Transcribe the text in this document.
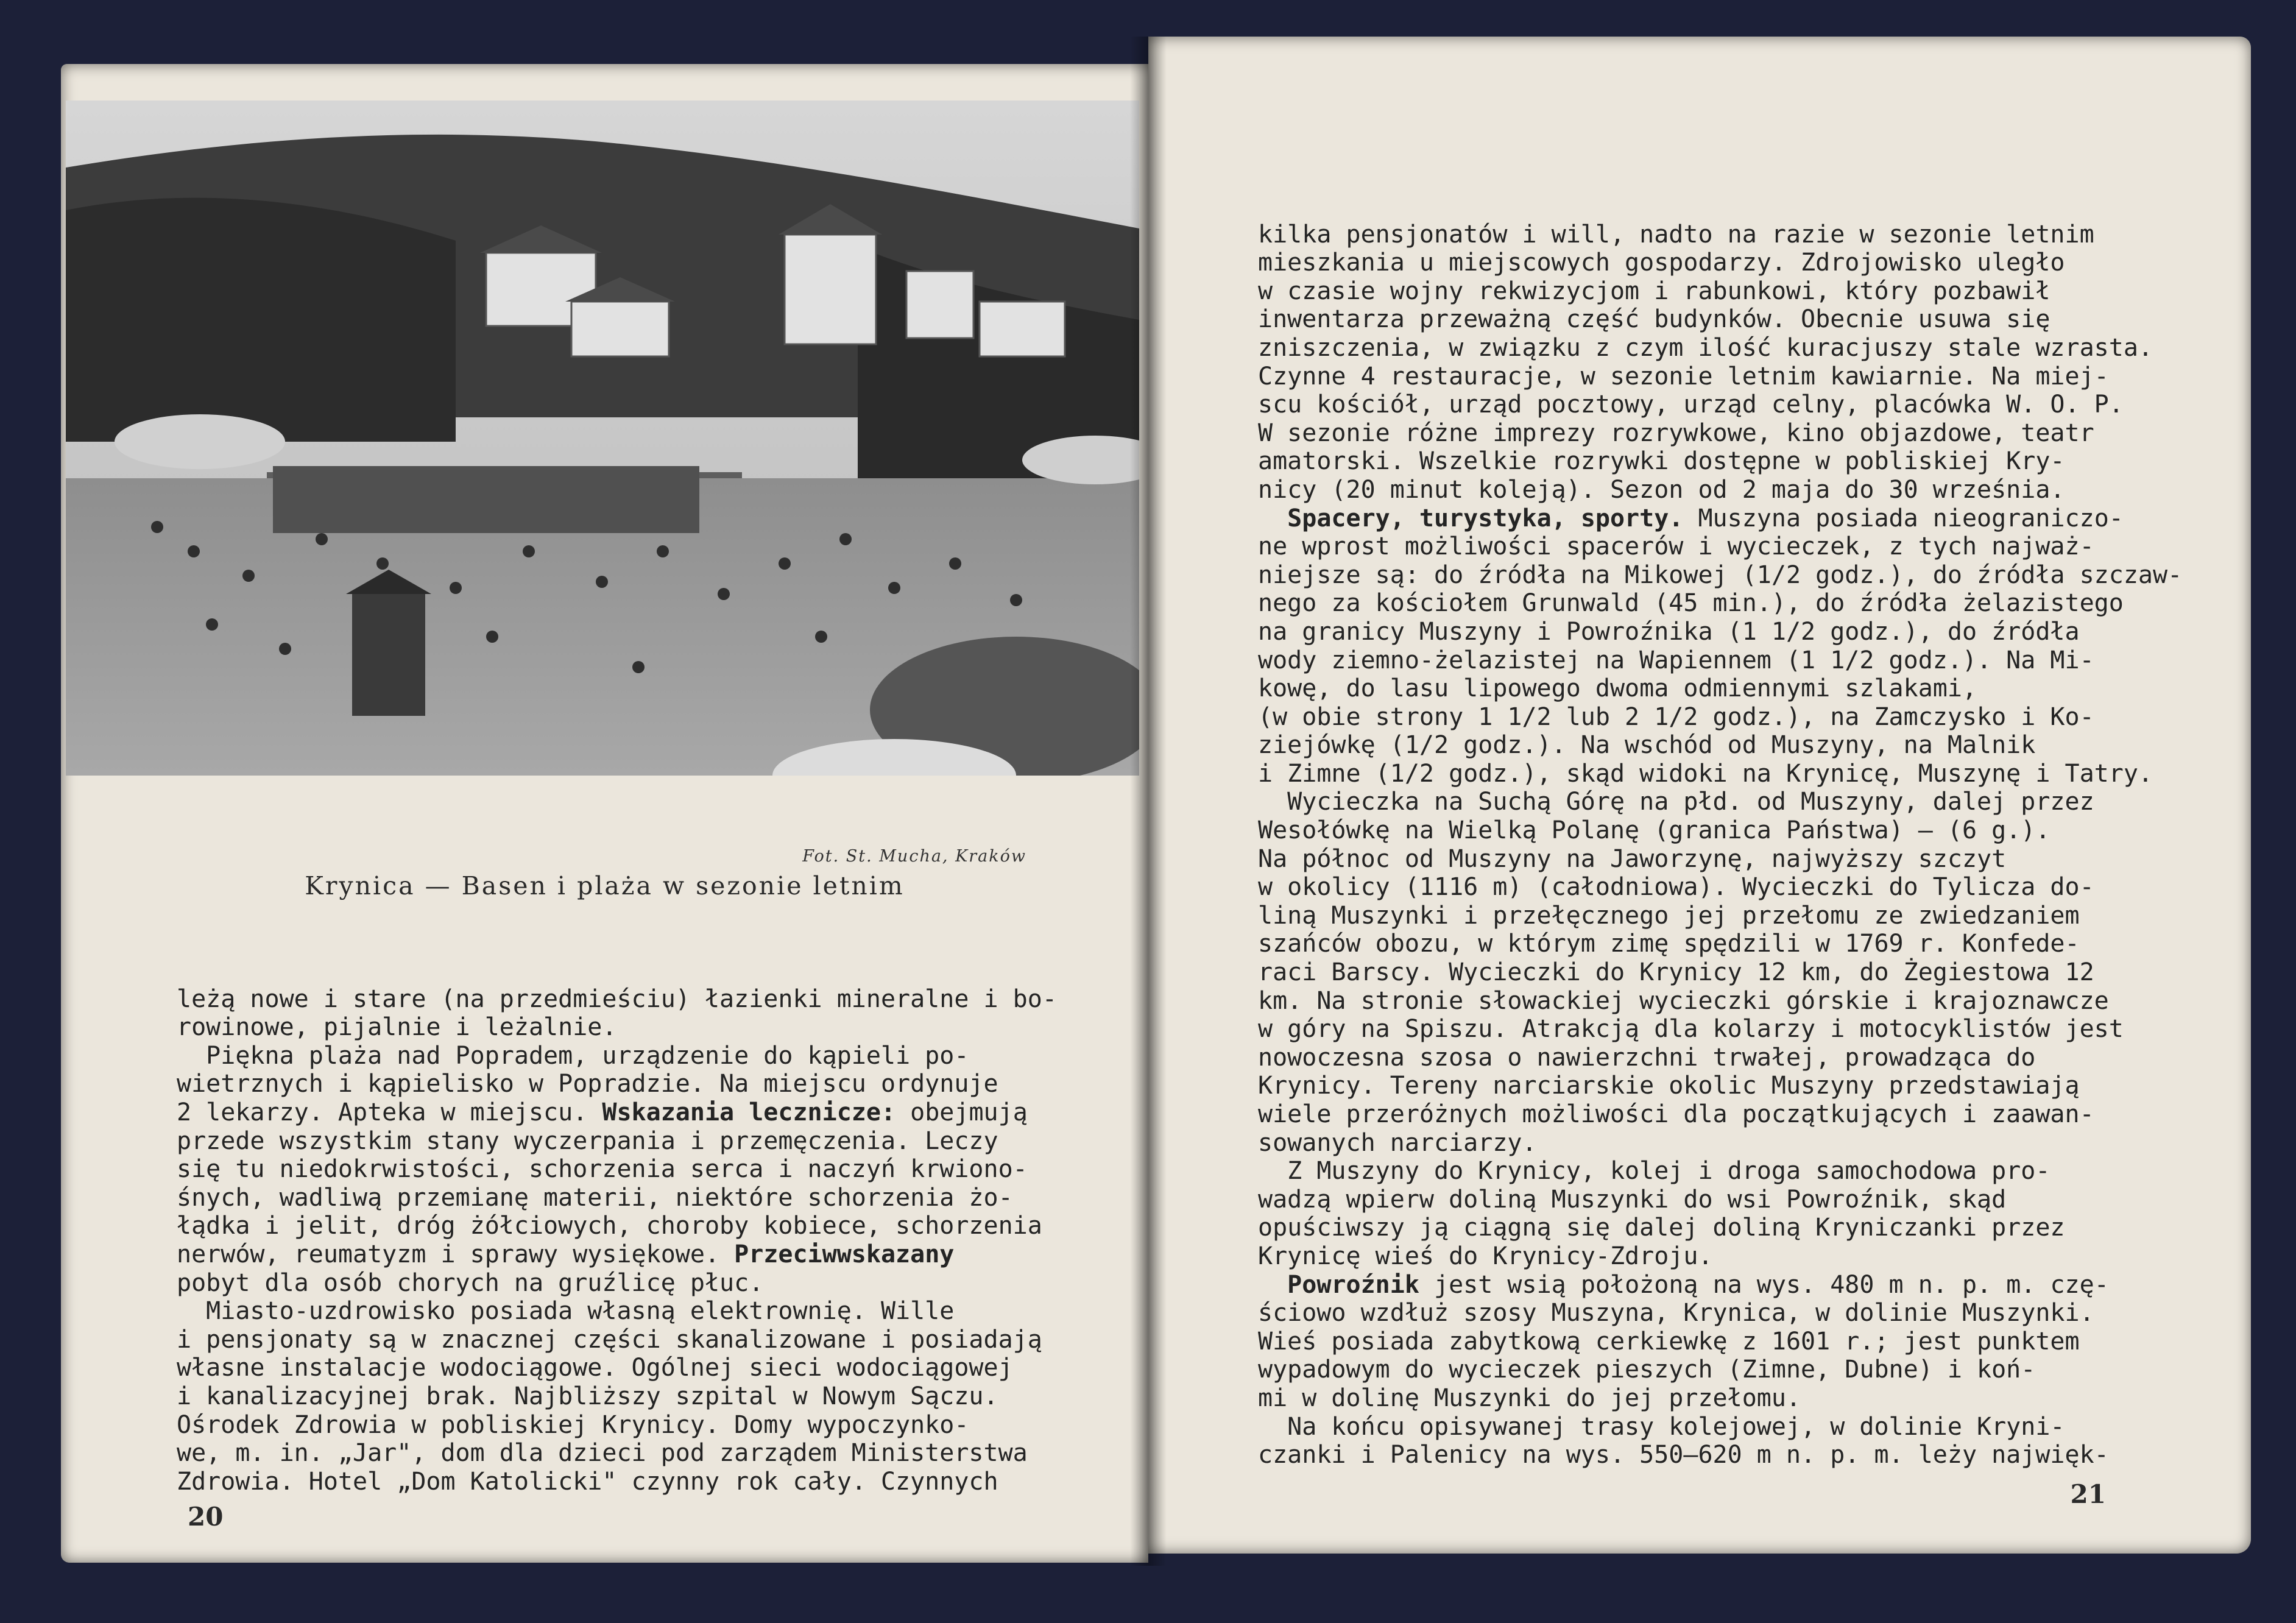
Fot. St. Mucha, Kraków
Krynica — Basen i plaża w sezonie letnim

leżą nowe i stare (na przedmieściu) łazienki mineralne i bo-
rowinowe, pijalnie i leżalnie.
Piękna plaża nad Popradem, urządzenie do kąpieli po-
wietrznych i kąpielisko w Popradzie. Na miejscu ordynuje
2 lekarzy. Apteka w miejscu. Wskazania lecznicze: obejmują
przede wszystkim stany wyczerpania i przemęczenia. Leczy
się tu niedokrwistości, schorzenia serca i naczyń krwiono-
śnych, wadliwą przemianę materii, niektóre schorzenia żo-
łądka i jelit, dróg żółciowych, choroby kobiece, schorzenia
nerwów, reumatyzm i sprawy wysiękowe. Przeciwwskazany
pobyt dla osób chorych na gruźlicę płuc.
Miasto-uzdrowisko posiada własną elektrownię. Wille
i pensjonaty są w znacznej części skanalizowane i posiadają
własne instalacje wodociągowe. Ogólnej sieci wodociągowej
i kanalizacyjnej brak. Najbliższy szpital w Nowym Sączu.
Ośrodek Zdrowia w pobliskiej Krynicy. Domy wypoczynko-
we, m. in. „Jar", dom dla dzieci pod zarządem Ministerstwa
Zdrowia. Hotel „Dom Katolicki" czynny rok cały. Czynnych
20

kilka pensjonatów i will, nadto na razie w sezonie letnim
mieszkania u miejscowych gospodarzy. Zdrojowisko uległo
w czasie wojny rekwizycjom i rabunkowi, który pozbawił
inwentarza przeważną część budynków. Obecnie usuwa się
zniszczenia, w związku z czym ilość kuracjuszy stale wzrasta.
Czynne 4 restauracje, w sezonie letnim kawiarnie. Na miej-
scu kościół, urząd pocztowy, urząd celny, placówka W. O. P.
W sezonie różne imprezy rozrywkowe, kino objazdowe, teatr
amatorski. Wszelkie rozrywki dostępne w pobliskiej Kry-
nicy (20 minut koleją). Sezon od 2 maja do 30 września.
Spacery, turystyka, sporty. Muszyna posiada nieograniczo-
ne wprost możliwości spacerów i wycieczek, z tych najważ-
niejsze są: do źródła na Mikowej (1/2 godz.), do źródła szczaw-
nego za kościołem Grunwald (45 min.), do źródła żelazistego
na granicy Muszyny i Powroźnika (1 1/2 godz.), do źródła
wody ziemno-żelazistej na Wapiennem (1 1/2 godz.). Na Mi-
kowę, do lasu lipowego dwoma odmiennymi szlakami,
(w obie strony 1 1/2 lub 2 1/2 godz.), na Zamczysko i Ko-
ziejówkę (1/2 godz.). Na wschód od Muszyny, na Malnik
i Zimne (1/2 godz.), skąd widoki na Krynicę, Muszynę i Tatry.
Wycieczka na Suchą Górę na płd. od Muszyny, dalej przez
Wesołówkę na Wielką Polanę (granica Państwa) — (6 g.).
Na północ od Muszyny na Jaworzynę, najwyższy szczyt
w okolicy (1116 m) (całodniowa). Wycieczki do Tylicza do-
liną Muszynki i przełęcznego jej przełomu ze zwiedzaniem
szańców obozu, w którym zimę spędzili w 1769 r. Konfede-
raci Barscy. Wycieczki do Krynicy 12 km, do Żegiestowa 12
km. Na stronie słowackiej wycieczki górskie i krajoznawcze
w góry na Spiszu. Atrakcją dla kolarzy i motocyklistów jest
nowoczesna szosa o nawierzchni trwałej, prowadząca do
Krynicy. Tereny narciarskie okolic Muszyny przedstawiają
wiele przeróżnych możliwości dla początkujących i zaawan-
sowanych narciarzy.
Z Muszyny do Krynicy, kolej i droga samochodowa pro-
wadzą wpierw doliną Muszynki do wsi Powroźnik, skąd
opuściwszy ją ciągną się dalej doliną Kryniczanki przez
Krynicę wieś do Krynicy-Zdroju.
Powroźnik jest wsią położoną na wys. 480 m n. p. m. czę-
ściowo wzdłuż szosy Muszyna, Krynica, w dolinie Muszynki.
Wieś posiada zabytkową cerkiewkę z 1601 r.; jest punktem
wypadowym do wycieczek pieszych (Zimne, Dubne) i koń-
mi w dolinę Muszynki do jej przełomu.
Na końcu opisywanej trasy kolejowej, w dolinie Kryni-
czanki i Palenicy na wys. 550—620 m n. p. m. leży najwięk-
21
